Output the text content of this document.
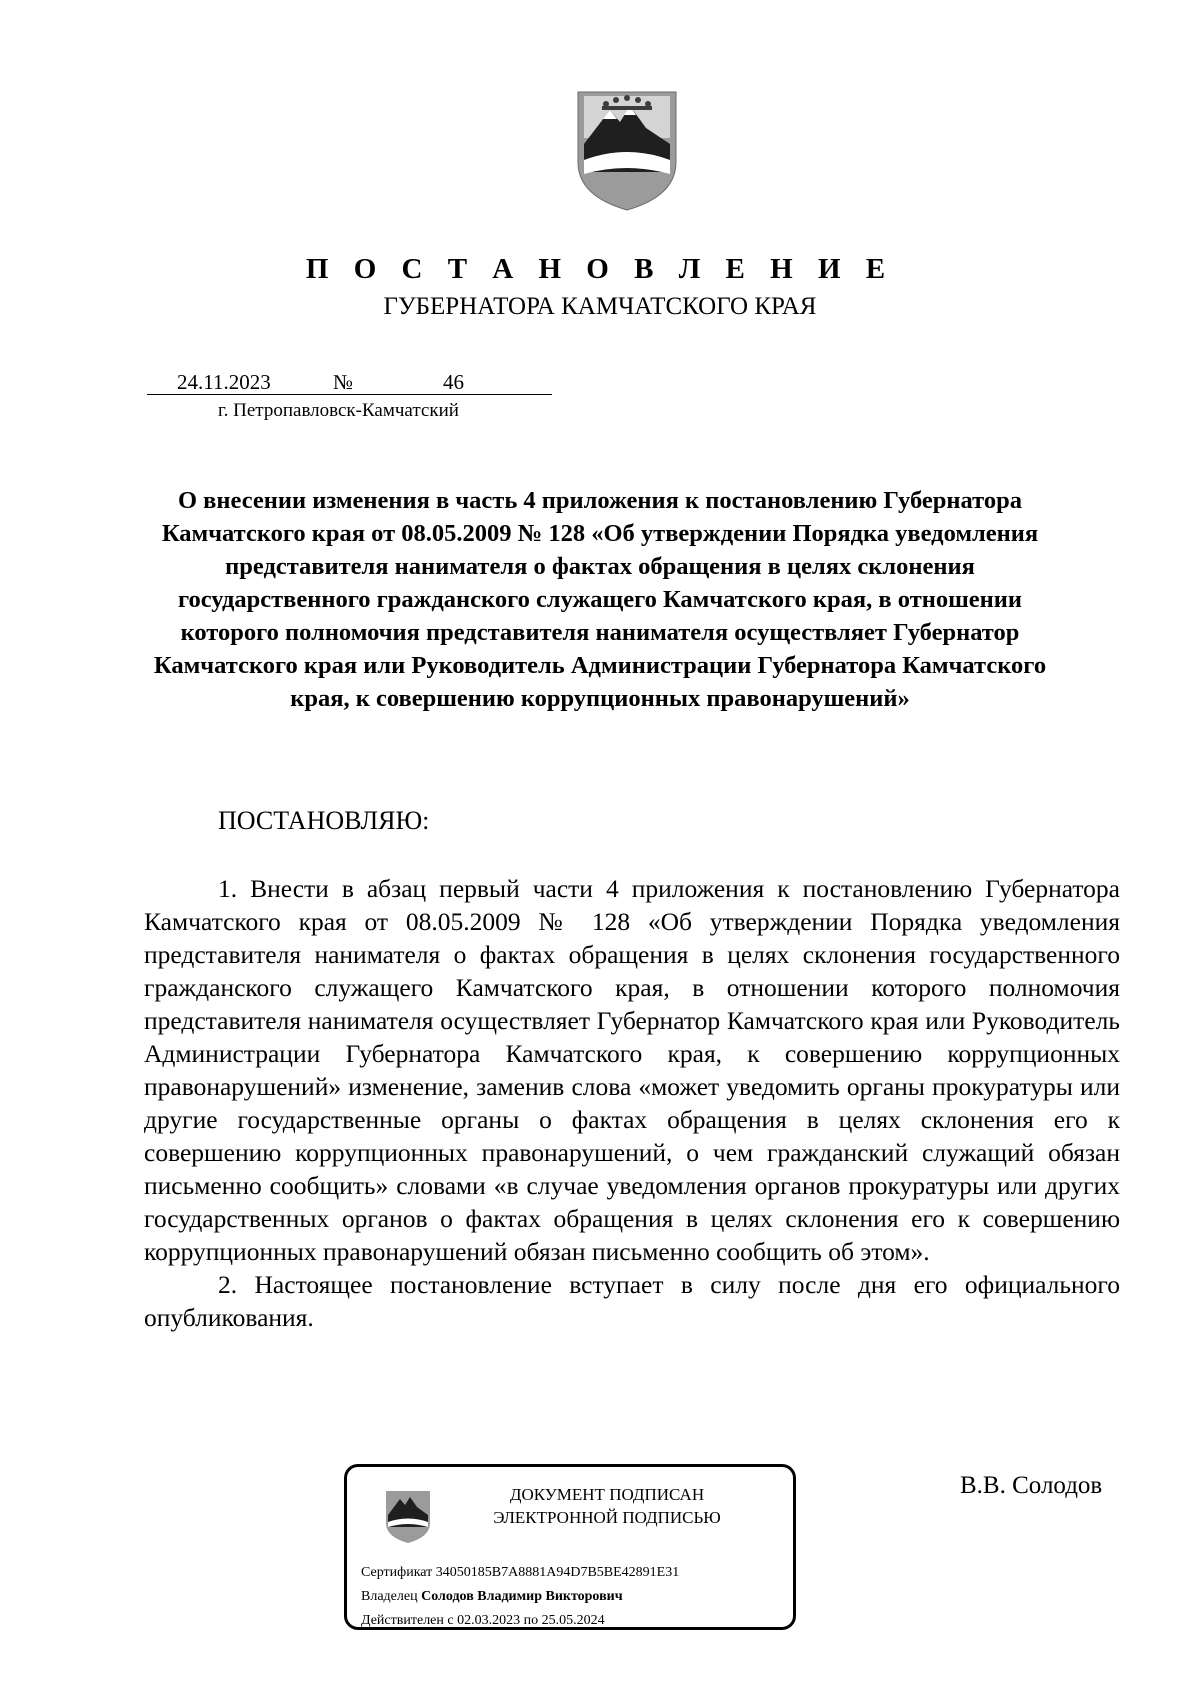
П О С Т А Н О В Л Е Н И Е
ГУБЕРНАТОРА КАМЧАТСКОГО КРАЯ
24.11.2023	№	46
г. Петропавловск-Камчатский
О внесении изменения в часть 4 приложения к постановлению Губернатора Камчатского края от 08.05.2009 № 128 «Об утверждении Порядка уведомления представителя нанимателя о фактах обращения в целях склонения государственного гражданского служащего Камчатского края, в отношении которого полномочия представителя нанимателя осуществляет Губернатор Камчатского края или Руководитель Администрации Губернатора Камчатского края, к совершению коррупционных правонарушений»
ПОСТАНОВЛЯЮ:

1. Внести в абзац первый части 4 приложения к постановлению Губернатора Камчатского края от 08.05.2009 № 128 «Об утверждении Порядка уведомления представителя нанимателя о фактах обращения в целях склонения государственного гражданского служащего Камчатского края, в отношении которого полномочия представителя нанимателя осуществляет Губернатор Камчатского края или Руководитель Администрации Губернатора Камчатского края, к совершению коррупционных правонарушений» изменение, заменив слова «может уведомить органы прокуратуры или другие государственные органы о фактах обращения в целях склонения его к совершению коррупционных правонарушений, о чем гражданский служащий обязан письменно сообщить» словами «в случае уведомления органов прокуратуры или других государственных органов о фактах обращения в целях склонения его к совершению коррупционных правонарушений обязан письменно сообщить об этом».

2. Настоящее постановление вступает в силу после дня его официального опубликования.

ДОКУМЕНТ ПОДПИСАН
ЭЛЕКТРОННОЙ ПОДПИСЬЮ
Сертификат 34050185B7A8881A94D7B5BE42891E31
Владелец Солодов Владимир Викторович
Действителен с 02.03.2023 по 25.05.2024
В.В. Солодов
